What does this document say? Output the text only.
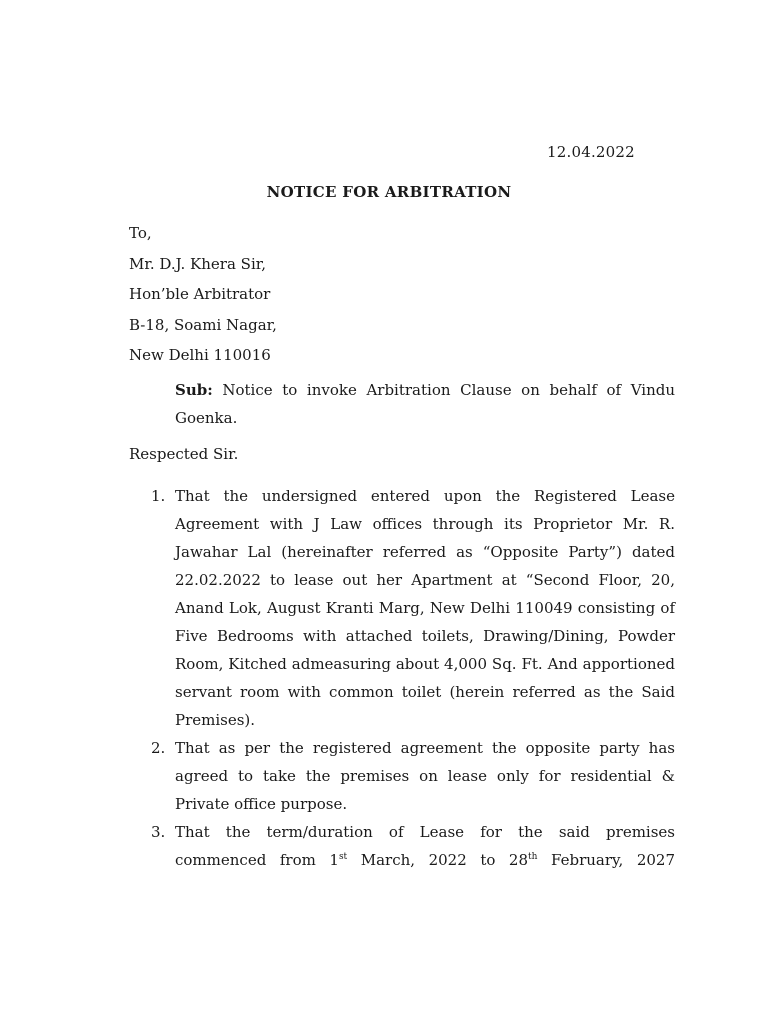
12.04.2022
NOTICE FOR ARBITRATION
To,
Mr. D.J. Khera Sir,
Hon’ble Arbitrator
B-18, Soami Nagar,
New Delhi 110016
Sub: Notice to invoke Arbitration Clause on behalf of Vindu Goenka.
Respected Sir.
1. That the undersigned entered upon the Registered Lease Agreement with J Law offices through its Proprietor Mr. R. Jawahar Lal (hereinafter referred as “Opposite Party”) dated 22.02.2022 to lease out her Apartment at “Second Floor, 20, Anand Lok, August Kranti Marg, New Delhi 110049 consisting of Five Bedrooms with attached toilets, Drawing/Dining, Powder Room, Kitched admeasuring about 4,000 Sq. Ft. And apportioned servant room with common toilet (herein referred as the Said Premises).
2. That as per the registered agreement the opposite party has agreed to take the premises on lease only for residential & Private office purpose.
3. That the term/duration of Lease for the said premises commenced from 1st March, 2022 to 28th February, 2027
